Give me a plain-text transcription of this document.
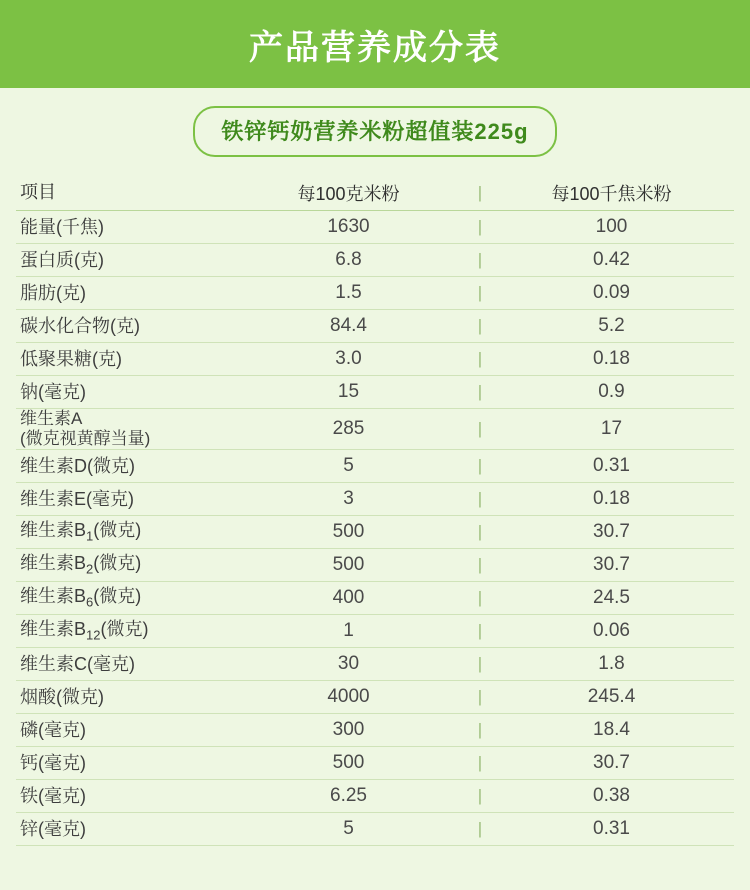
产品营养成分表
铁锌钙奶营养米粉超值装225g
项目	每100克米粉	|	每100千焦米粉
能量(千焦)	1630	|	100
蛋白质(克)	6.8	|	0.42
脂肪(克)	1.5	|	0.09
碳水化合物(克)	84.4	|	5.2
低聚果糖(克)	3.0	|	0.18
钠(毫克)	15	|	0.9
维生素A
(微克视黄醇当量)	285	|	17
维生素D(微克)	5	|	0.31
维生素E(毫克)	3	|	0.18
维生素$B_1$(微克)	500	|	30.7
维生素$B_2$(微克)	500	|	30.7
维生素$B_6$(微克)	400	|	24.5
维生素$B_{12}$(微克)	1	|	0.06
维生素C(毫克)	30	|	1.8
烟酸(微克)	4000	|	245.4
磷(毫克)	300	|	18.4
钙(毫克)	500	|	30.7
铁(毫克)	6.25	|	0.38
锌(毫克)	5	|	0.31
